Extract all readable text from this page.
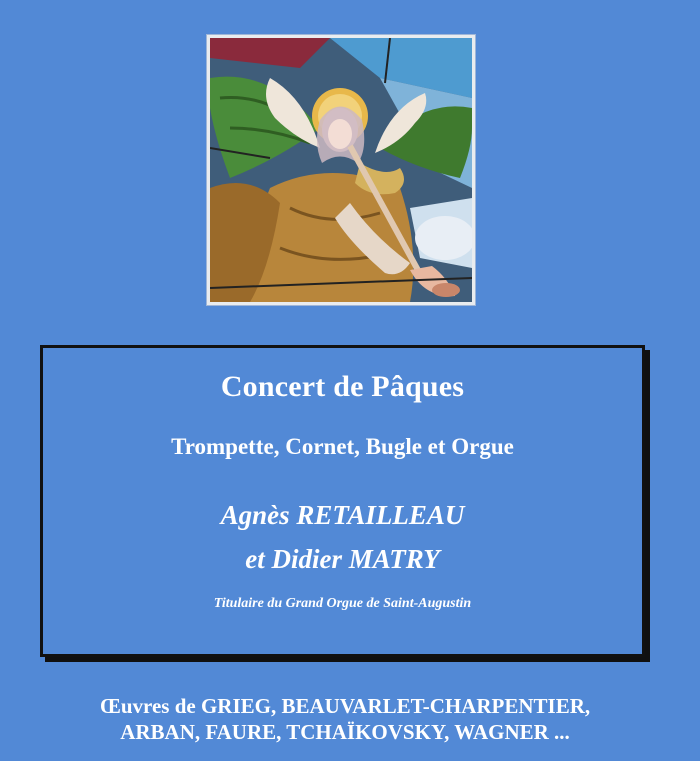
Concert de Pâques
Trompette, Cornet, Bugle et Orgue
Agnès RETAILLEAU
et Didier MATRY
Titulaire du Grand Orgue de Saint-Augustin
Œuvres de GRIEG, BEAUVARLET-CHARPENTIER,
ARBAN, FAURE, TCHAÏKOVSKY, WAGNER ...
